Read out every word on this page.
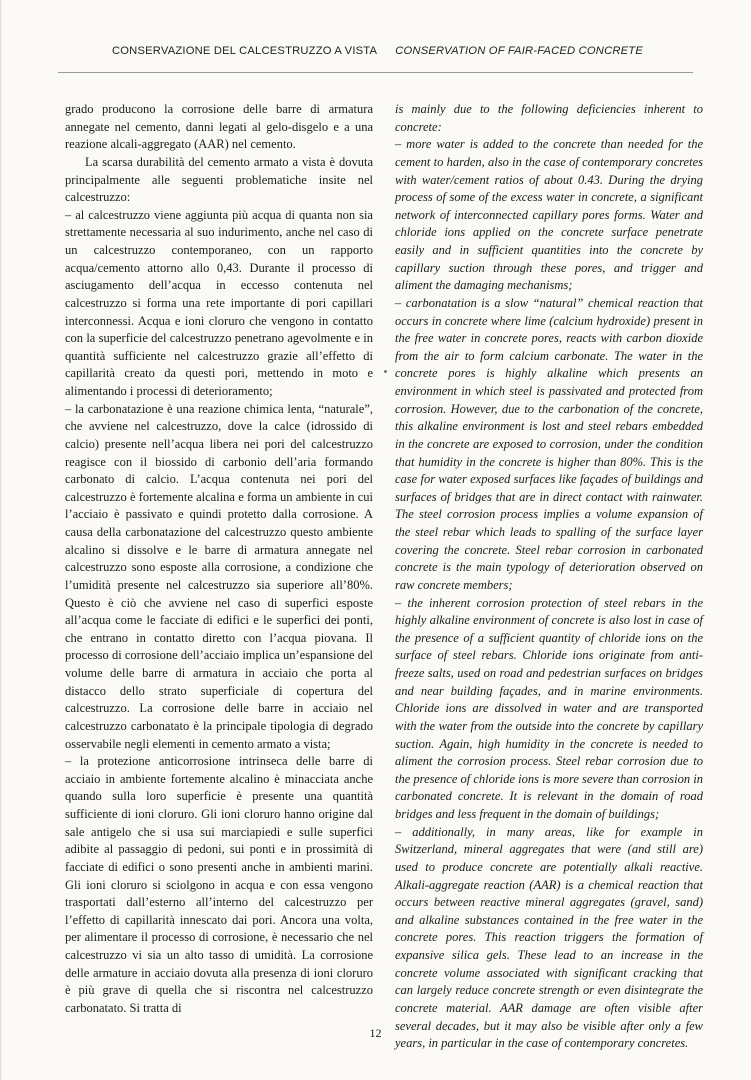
CONSERVAZIONE DEL CALCESTRUZZO A VISTA CONSERVATION OF FAIR-FACED CONCRETE

grado producono la corrosione delle barre di armatura annegate nel cemento, danni legati al gelo-disgelo e a una reazione alcali-aggregato (AAR) nel cemento.

La scarsa durabilità del cemento armato a vista è dovuta principalmente alle seguenti problematiche insite nel calcestruzzo:

– al calcestruzzo viene aggiunta più acqua di quanta non sia strettamente necessaria al suo indurimento, anche nel caso di un calcestruzzo contemporaneo, con un rapporto acqua/cemento attorno allo 0,43. Durante il processo di asciugamento dell’acqua in eccesso contenuta nel calcestruzzo si forma una rete importante di pori capillari interconnessi. Acqua e ioni cloruro che vengono in contatto con la superficie del calcestruzzo penetrano agevolmente e in quantità sufficiente nel calcestruzzo grazie all’effetto di capillarità creato da questi pori, mettendo in moto e alimentando i processi di deterioramento;

– la carbonatazione è una reazione chimica lenta, “naturale”, che avviene nel calcestruzzo, dove la calce (idrossido di calcio) presente nell’acqua libera nei pori del calcestruzzo reagisce con il biossido di carbonio dell’aria formando carbonato di calcio. L’acqua contenuta nei pori del calcestruzzo è fortemente alcalina e forma un ambiente in cui l’acciaio è passivato e quindi protetto dalla corrosione. A causa della carbonatazione del calcestruzzo questo ambiente alcalino si dissolve e le barre di armatura annegate nel calcestruzzo sono esposte alla corrosione, a condizione che l’umidità presente nel calcestruzzo sia superiore all’80%. Questo è ciò che avviene nel caso di superfici esposte all’acqua come le facciate di edifici e le superfici dei ponti, che entrano in contatto diretto con l’acqua piovana. Il processo di corrosione dell’acciaio implica un’espansione del volume delle barre di armatura in acciaio che porta al distacco dello strato superficiale di copertura del calcestruzzo. La corrosione delle barre in acciaio nel calcestruzzo carbonatato è la principale tipologia di degrado osservabile negli elementi in cemento armato a vista;

– la protezione anticorrosione intrinseca delle barre di acciaio in ambiente fortemente alcalino è minacciata anche quando sulla loro superficie è presente una quantità sufficiente di ioni cloruro. Gli ioni cloruro hanno origine dal sale antigelo che si usa sui marciapiedi e sulle superfici adibite al passaggio di pedoni, sui ponti e in prossimità di facciate di edifici o sono presenti anche in ambienti marini. Gli ioni cloruro si sciolgono in acqua e con essa vengono trasportati dall’esterno all’interno del calcestruzzo per l’effetto di capillarità innescato dai pori. Ancora una volta, per alimentare il processo di corrosione, è necessario che nel calcestruzzo vi sia un alto tasso di umidità. La corrosione delle armature in acciaio dovuta alla presenza di ioni cloruro è più grave di quella che si riscontra nel calcestruzzo carbonatato. Si tratta di

is mainly due to the following deficiencies inherent to concrete:

– more water is added to the concrete than needed for the cement to harden, also in the case of contemporary concretes with water/cement ratios of about 0.43. During the drying process of some of the excess water in concrete, a significant network of interconnected capillary pores forms. Water and chloride ions applied on the concrete surface penetrate easily and in sufficient quantities into the concrete by capillary suction through these pores, and trigger and aliment the damaging mechanisms;

– carbonatation is a slow “natural” chemical reaction that occurs in concrete where lime (calcium hydroxide) present in the free water in concrete pores, reacts with carbon dioxide from the air to form calcium carbonate. The water in the concrete pores is highly alkaline which presents an environment in which steel is passivated and protected from corrosion. However, due to the carbonation of the concrete, this alkaline environment is lost and steel rebars embedded in the concrete are exposed to corrosion, under the condition that humidity in the concrete is higher than 80%. This is the case for water exposed surfaces like façades of buildings and surfaces of bridges that are in direct contact with rainwater. The steel corrosion process implies a volume expansion of the steel rebar which leads to spalling of the surface layer covering the concrete. Steel rebar corrosion in carbonated concrete is the main typology of deterioration observed on raw concrete members;

– the inherent corrosion protection of steel rebars in the highly alkaline environment of concrete is also lost in case of the presence of a sufficient quantity of chloride ions on the surface of steel rebars. Chloride ions originate from anti-freeze salts, used on road and pedestrian surfaces on bridges and near building façades, and in marine environments. Chloride ions are dissolved in water and are transported with the water from the outside into the concrete by capillary suction. Again, high humidity in the concrete is needed to aliment the corrosion process. Steel rebar corrosion due to the presence of chloride ions is more severe than corrosion in carbonated concrete. It is relevant in the domain of road bridges and less frequent in the domain of buildings;

– additionally, in many areas, like for example in Switzerland, mineral aggregates that were (and still are) used to produce concrete are potentially alkali reactive. Alkali-aggregate reaction (AAR) is a chemical reaction that occurs between reactive mineral aggregates (gravel, sand) and alkaline substances contained in the free water in the concrete pores. This reaction triggers the formation of expansive silica gels. These lead to an increase in the concrete volume associated with significant cracking that can largely reduce concrete strength or even disintegrate the concrete material. AAR damage are often visible after several decades, but it may also be visible after only a few years, in particular in the case of contemporary concretes.

12
